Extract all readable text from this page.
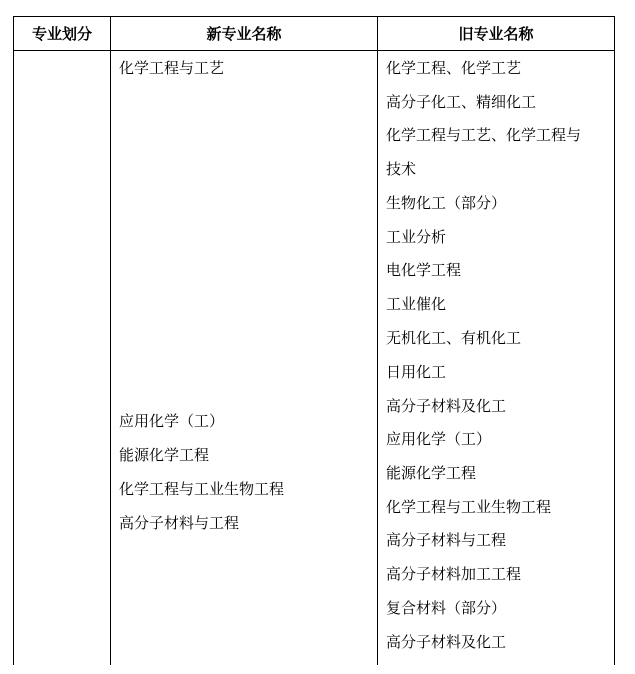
专业划分	新专业名称	旧专业名称
化学工程与工艺
应用化学（工）
能源化学工程
化学工程与工业生物工程
高分子材料与工程
化学工程、化学工艺
高分子化工、精细化工
化学工程与工艺、化学工程与
技术
生物化工（部分）
工业分析
电化学工程
工业催化
无机化工、有机化工
日用化工
高分子材料及化工
应用化学（工）
能源化学工程
化学工程与工业生物工程
高分子材料与工程
高分子材料加工工程
复合材料（部分）
高分子材料及化工
